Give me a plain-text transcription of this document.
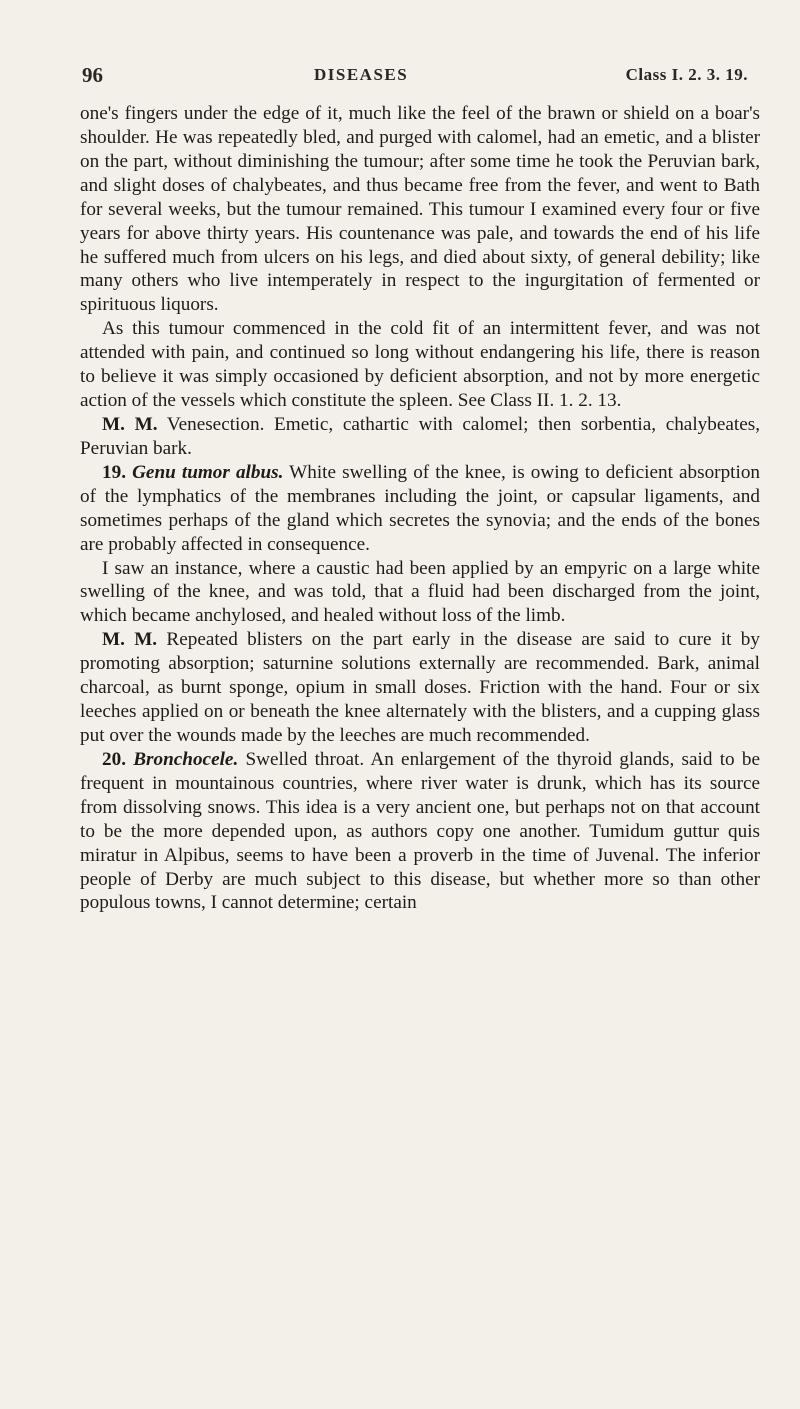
96	DISEASES	Class I. 2. 3. 19.

one's fingers under the edge of it, much like the feel of the brawn or shield on a boar's shoulder. He was repeatedly bled, and purged with calomel, had an emetic, and a blister on the part, without diminishing the tumour; after some time he took the Peruvian bark, and slight doses of chalybeates, and thus became free from the fever, and went to Bath for several weeks, but the tumour remained. This tumour I examined every four or five years for above thirty years. His countenance was pale, and towards the end of his life he suffered much from ulcers on his legs, and died about sixty, of general debility; like many others who live intemperately in respect to the ingurgitation of fermented or spirituous liquors.

As this tumour commenced in the cold fit of an intermittent fever, and was not attended with pain, and continued so long without endangering his life, there is reason to believe it was simply occasioned by deficient absorption, and not by more energetic action of the vessels which constitute the spleen. See Class II. 1. 2. 13.

M. M. Venesection. Emetic, cathartic with calomel; then sorbentia, chalybeates, Peruvian bark.

19. Genu tumor albus. White swelling of the knee, is owing to deficient absorption of the lymphatics of the membranes including the joint, or capsular ligaments, and sometimes perhaps of the gland which secretes the synovia; and the ends of the bones are probably affected in consequence.

I saw an instance, where a caustic had been applied by an empyric on a large white swelling of the knee, and was told, that a fluid had been discharged from the joint, which became anchylosed, and healed without loss of the limb.

M. M. Repeated blisters on the part early in the disease are said to cure it by promoting absorption; saturnine solutions externally are recommended. Bark, animal charcoal, as burnt sponge, opium in small doses. Friction with the hand. Four or six leeches applied on or beneath the knee alternately with the blisters, and a cupping glass put over the wounds made by the leeches are much recommended.

20. Bronchocele. Swelled throat. An enlargement of the thyroid glands, said to be frequent in mountainous countries, where river water is drunk, which has its source from dissolving snows. This idea is a very ancient one, but perhaps not on that account to be the more depended upon, as authors copy one another. Tumidum guttur quis miratur in Alpibus, seems to have been a proverb in the time of Juvenal. The inferior people of Derby are much subject to this disease, but whether more so than other populous towns, I cannot determine; certain
